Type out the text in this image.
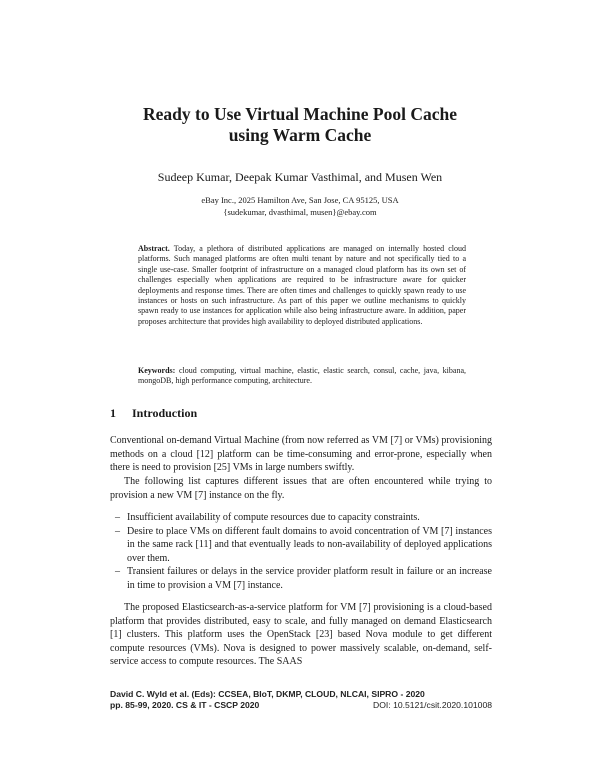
Ready to Use Virtual Machine Pool Cache
using Warm Cache
Sudeep Kumar, Deepak Kumar Vasthimal, and Musen Wen
eBay Inc., 2025 Hamilton Ave, San Jose, CA 95125, USA
{sudekumar, dvasthimal, musen}@ebay.com
Abstract. Today, a plethora of distributed applications are managed on internally hosted cloud platforms. Such managed platforms are often multi tenant by nature and not specifically tied to a single use-case. Smaller footprint of infrastructure on a managed cloud platform has its own set of challenges especially when applications are required to be infrastructure aware for quicker deployments and response times. There are often times and challenges to quickly spawn ready to use instances or hosts on such infrastructure. As part of this paper we outline mechanisms to quickly spawn ready to use instances for application while also being infrastructure aware. In addition, paper proposes architecture that provides high availability to deployed distributed applications.
Keywords: cloud computing, virtual machine, elastic, elastic search, consul, cache, java, kibana, mongoDB, high performance computing, architecture.
1 Introduction
Conventional on-demand Virtual Machine (from now referred as VM [7] or VMs) provisioning methods on a cloud [12] platform can be time-consuming and error-prone, especially when there is need to provision [25] VMs in large numbers swiftly.
The following list captures different issues that are often encountered while trying to provision a new VM [7] instance on the fly.
– Insufficient availability of compute resources due to capacity constraints.
– Desire to place VMs on different fault domains to avoid concentration of VM [7] instances in the same rack [11] and that eventually leads to non-availability of deployed applications over them.
– Transient failures or delays in the service provider platform result in failure or an increase in time to provision a VM [7] instance.
The proposed Elasticsearch-as-a-service platform for VM [7] provisioning is a cloud-based platform that provides distributed, easy to scale, and fully managed on demand Elasticsearch [1] clusters. This platform uses the OpenStack [23] based Nova module to get different compute resources (VMs). Nova is designed to power massively scalable, on-demand, self-service access to compute resources. The SAAS
David C. Wyld et al. (Eds): CCSEA, BIoT, DKMP, CLOUD, NLCAI, SIPRO - 2020
pp. 85-99, 2020. CS & IT - CSCP 2020	DOI: 10.5121/csit.2020.101008
